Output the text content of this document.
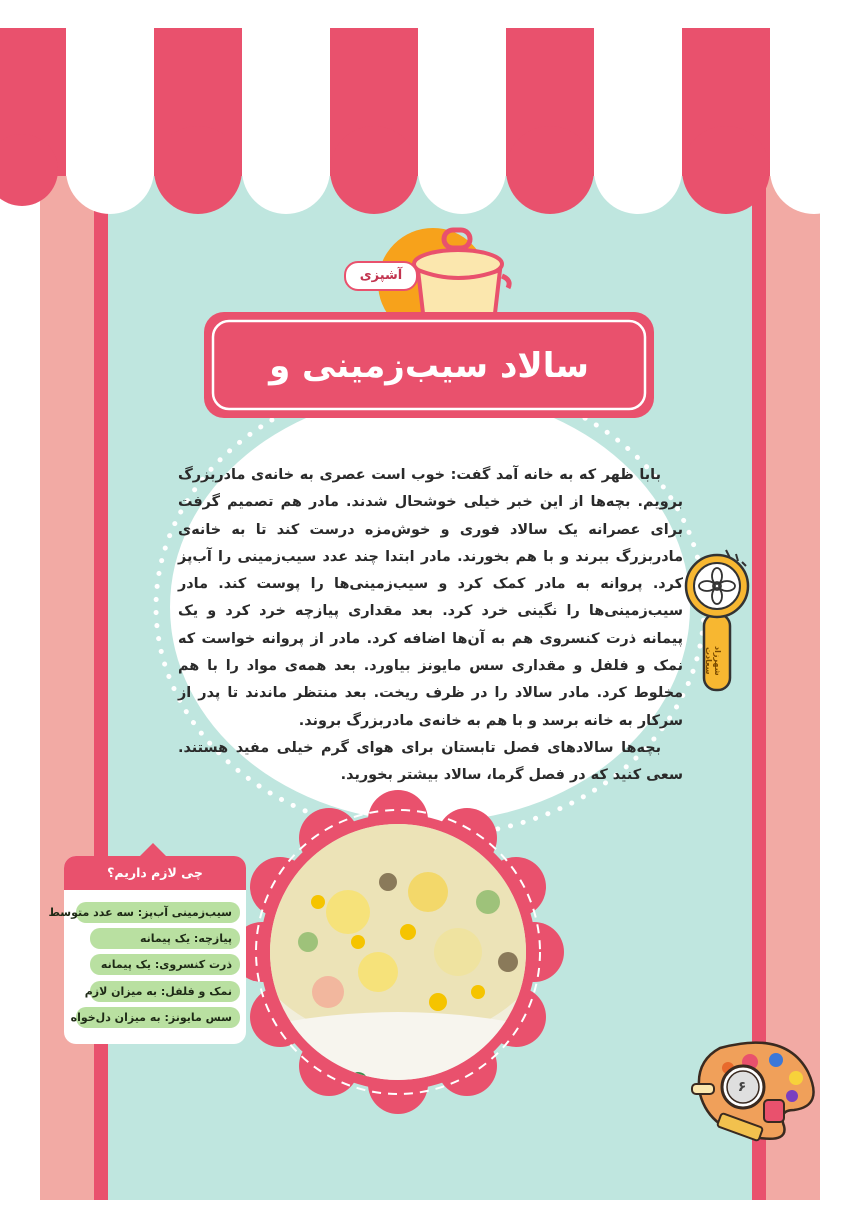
آشپزی
سالاد سیب‌زمینی و پیازچه

بابا ظهر که به خانه آمد گفت: خوب است عصری به خانه‌ی مادربزرگ برویم. بچه‌ها از این خبر خیلی خوشحال شدند. مادر هم تصمیم گرفت برای عصرانه یک سالاد فوری و خوش‌مزه درست کند تا به خانه‌ی مادربزرگ ببرند و با هم بخورند. مادر ابتدا چند عدد سیب‌زمینی را آب‌پز کرد. پروانه به مادر کمک کرد و سیب‌زمینی‌ها را پوست کند. مادر سیب‌زمینی‌ها را نگینی خرد کرد. بعد مقداری پیازچه خرد کرد و یک پیمانه ذرت کنسروی هم به آن‌ها اضافه کرد. مادر از پروانه خواست که نمک و فلفل و مقداری سس مایونز بیاورد. بعد همه‌ی مواد را با هم مخلوط کرد. مادر سالاد را در ظرف ریخت. بعد منتظر ماندند تا پدر از سرکار به خانه برسد و با هم به خانه‌ی مادربزرگ بروند.

بچه‌ها سالادهای فصل تابستان برای هوای گرم خیلی مفید هستند. سعی کنید که در فصل گرما، سالاد بیشتر بخورید.

شهرزاد سعادت
چی لازم داریم؟
سیب‌زمینی آب‌پز: سه عدد متوسط
پیازچه: یک پیمانه
ذرت کنسروی: یک پیمانه
نمک و فلفل: به میزان لازم
سس مایونز: به میزان دل‌خواه
۶
